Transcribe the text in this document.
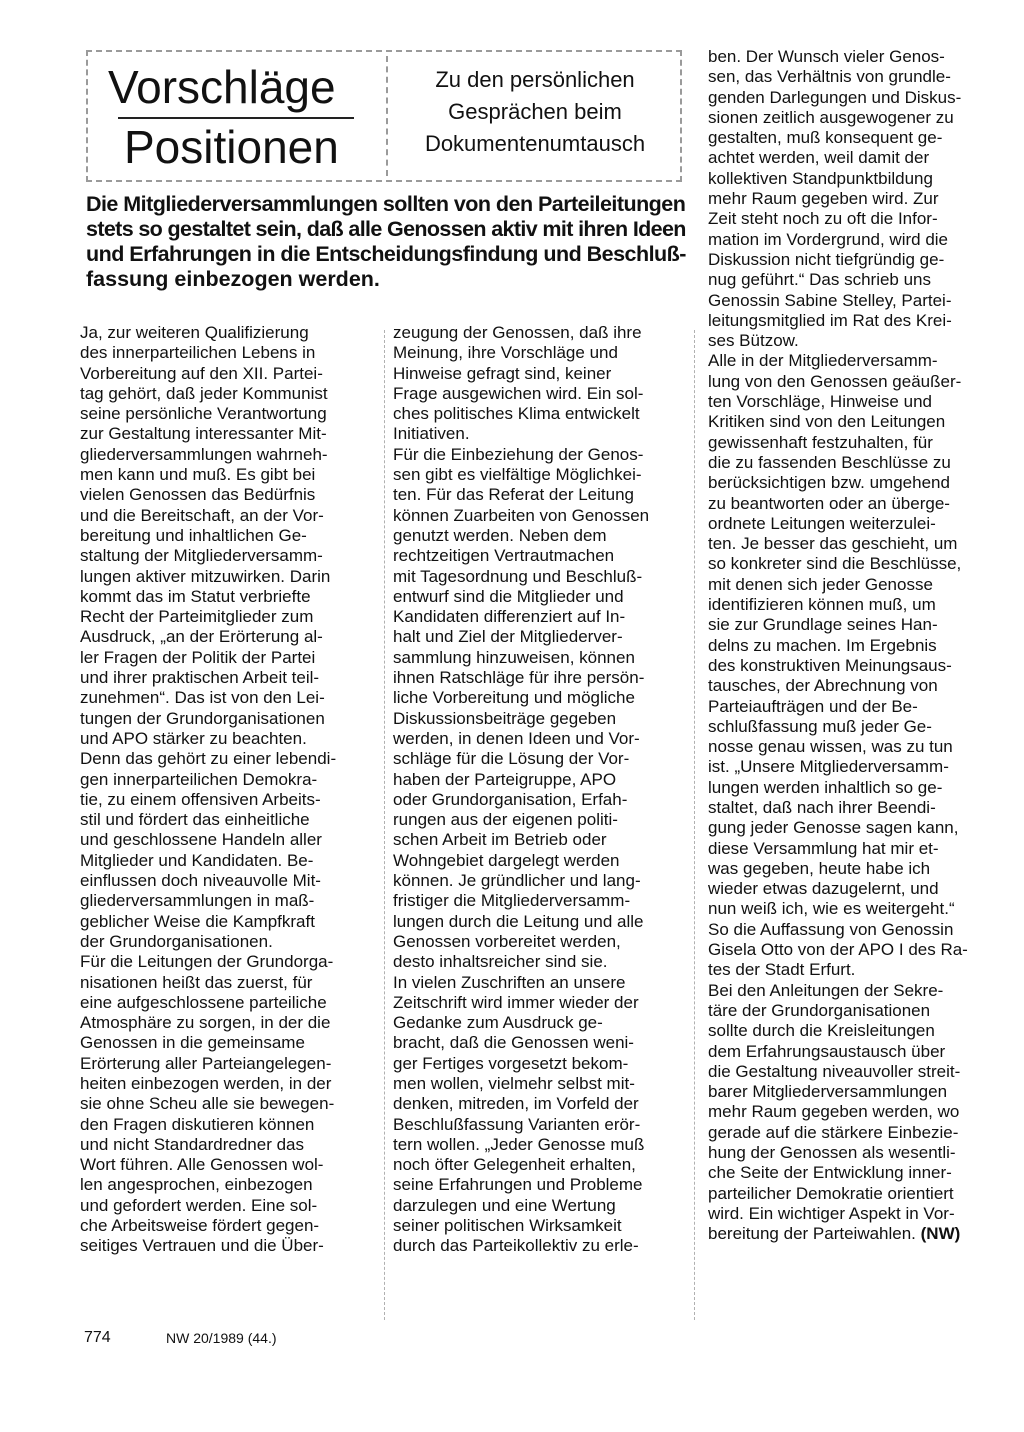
Vorschläge
Positionen
Zu den persönlichen
Gesprächen beim
Dokumentenumtausch
Die Mitgliederversammlungen sollten von den Parteileitungen
stets so gestaltet sein, daß alle Genossen aktiv mit ihren Ideen
und Erfahrungen in die Entscheidungsfindung und Beschluß-
fassung einbezogen werden.
Ja, zur weiteren Qualifizierung
des innerparteilichen Lebens in
Vorbereitung auf den XII. Partei-
tag gehört, daß jeder Kommunist
seine persönliche Verantwortung
zur Gestaltung interessanter Mit-
gliederversammlungen wahrneh-
men kann und muß. Es gibt bei
vielen Genossen das Bedürfnis
und die Bereitschaft, an der Vor-
bereitung und inhaltlichen Ge-
staltung der Mitgliederversamm-
lungen aktiver mitzuwirken. Darin
kommt das im Statut verbriefte
Recht der Parteimitglieder zum
Ausdruck, „an der Erörterung al-
ler Fragen der Politik der Partei
und ihrer praktischen Arbeit teil-
zunehmen“. Das ist von den Lei-
tungen der Grundorganisationen
und APO stärker zu beachten.
Denn das gehört zu einer lebendi-
gen innerparteilichen Demokra-
tie, zu einem offensiven Arbeits-
stil und fördert das einheitliche
und geschlossene Handeln aller
Mitglieder und Kandidaten. Be-
einflussen doch niveauvolle Mit-
gliederversammlungen in maß-
geblicher Weise die Kampfkraft
der Grundorganisationen.
Für die Leitungen der Grundorga-
nisationen heißt das zuerst, für
eine aufgeschlossene parteiliche
Atmosphäre zu sorgen, in der die
Genossen in die gemeinsame
Erörterung aller Parteiangelegen-
heiten einbezogen werden, in der
sie ohne Scheu alle sie bewegen-
den Fragen diskutieren können
und nicht Standardredner das
Wort führen. Alle Genossen wol-
len angesprochen, einbezogen
und gefordert werden. Eine sol-
che Arbeitsweise fördert gegen-
seitiges Vertrauen und die Über-
zeugung der Genossen, daß ihre
Meinung, ihre Vorschläge und
Hinweise gefragt sind, keiner
Frage ausgewichen wird. Ein sol-
ches politisches Klima entwickelt
Initiativen.
Für die Einbeziehung der Genos-
sen gibt es vielfältige Möglichkei-
ten. Für das Referat der Leitung
können Zuarbeiten von Genossen
genutzt werden. Neben dem
rechtzeitigen Vertrautmachen
mit Tagesordnung und Beschluß-
entwurf sind die Mitglieder und
Kandidaten differenziert auf In-
halt und Ziel der Mitgliederver-
sammlung hinzuweisen, können
ihnen Ratschläge für ihre persön-
liche Vorbereitung und mögliche
Diskussionsbeiträge gegeben
werden, in denen Ideen und Vor-
schläge für die Lösung der Vor-
haben der Parteigruppe, APO
oder Grundorganisation, Erfah-
rungen aus der eigenen politi-
schen Arbeit im Betrieb oder
Wohngebiet dargelegt werden
können. Je gründlicher und lang-
fristiger die Mitgliederversamm-
lungen durch die Leitung und alle
Genossen vorbereitet werden,
desto inhaltsreicher sind sie.
In vielen Zuschriften an unsere
Zeitschrift wird immer wieder der
Gedanke zum Ausdruck ge-
bracht, daß die Genossen weni-
ger Fertiges vorgesetzt bekom-
men wollen, vielmehr selbst mit-
denken, mitreden, im Vorfeld der
Beschlußfassung Varianten erör-
tern wollen. „Jeder Genosse muß
noch öfter Gelegenheit erhalten,
seine Erfahrungen und Probleme
darzulegen und eine Wertung
seiner politischen Wirksamkeit
durch das Parteikollektiv zu erle-
ben. Der Wunsch vieler Genos-
sen, das Verhältnis von grundle-
genden Darlegungen und Diskus-
sionen zeitlich ausgewogener zu
gestalten, muß konsequent ge-
achtet werden, weil damit der
kollektiven Standpunktbildung
mehr Raum gegeben wird. Zur
Zeit steht noch zu oft die Infor-
mation im Vordergrund, wird die
Diskussion nicht tiefgründig ge-
nug geführt.“ Das schrieb uns
Genossin Sabine Stelley, Partei-
leitungsmitglied im Rat des Krei-
ses Bützow.
Alle in der Mitgliederversamm-
lung von den Genossen geäußer-
ten Vorschläge, Hinweise und
Kritiken sind von den Leitungen
gewissenhaft festzuhalten, für
die zu fassenden Beschlüsse zu
berücksichtigen bzw. umgehend
zu beantworten oder an überge-
ordnete Leitungen weiterzulei-
ten. Je besser das geschieht, um
so konkreter sind die Beschlüsse,
mit denen sich jeder Genosse
identifizieren können muß, um
sie zur Grundlage seines Han-
delns zu machen. Im Ergebnis
des konstruktiven Meinungsaus-
tausches, der Abrechnung von
Parteiaufträgen und der Be-
schlußfassung muß jeder Ge-
nosse genau wissen, was zu tun
ist. „Unsere Mitgliederversamm-
lungen werden inhaltlich so ge-
staltet, daß nach ihrer Beendi-
gung jeder Genosse sagen kann,
diese Versammlung hat mir et-
was gegeben, heute habe ich
wieder etwas dazugelernt, und
nun weiß ich, wie es weitergeht.“
So die Auffassung von Genossin
Gisela Otto von der APO I des Ra-
tes der Stadt Erfurt.
Bei den Anleitungen der Sekre-
täre der Grundorganisationen
sollte durch die Kreisleitungen
dem Erfahrungsaustausch über
die Gestaltung niveauvoller streit-
barer Mitgliederversammlungen
mehr Raum gegeben werden, wo
gerade auf die stärkere Einbezie-
hung der Genossen als wesentli-
che Seite der Entwicklung inner-
parteilicher Demokratie orientiert
wird. Ein wichtiger Aspekt in Vor-
bereitung der Parteiwahlen. (NW)
774	NW 20/1989 (44.)
